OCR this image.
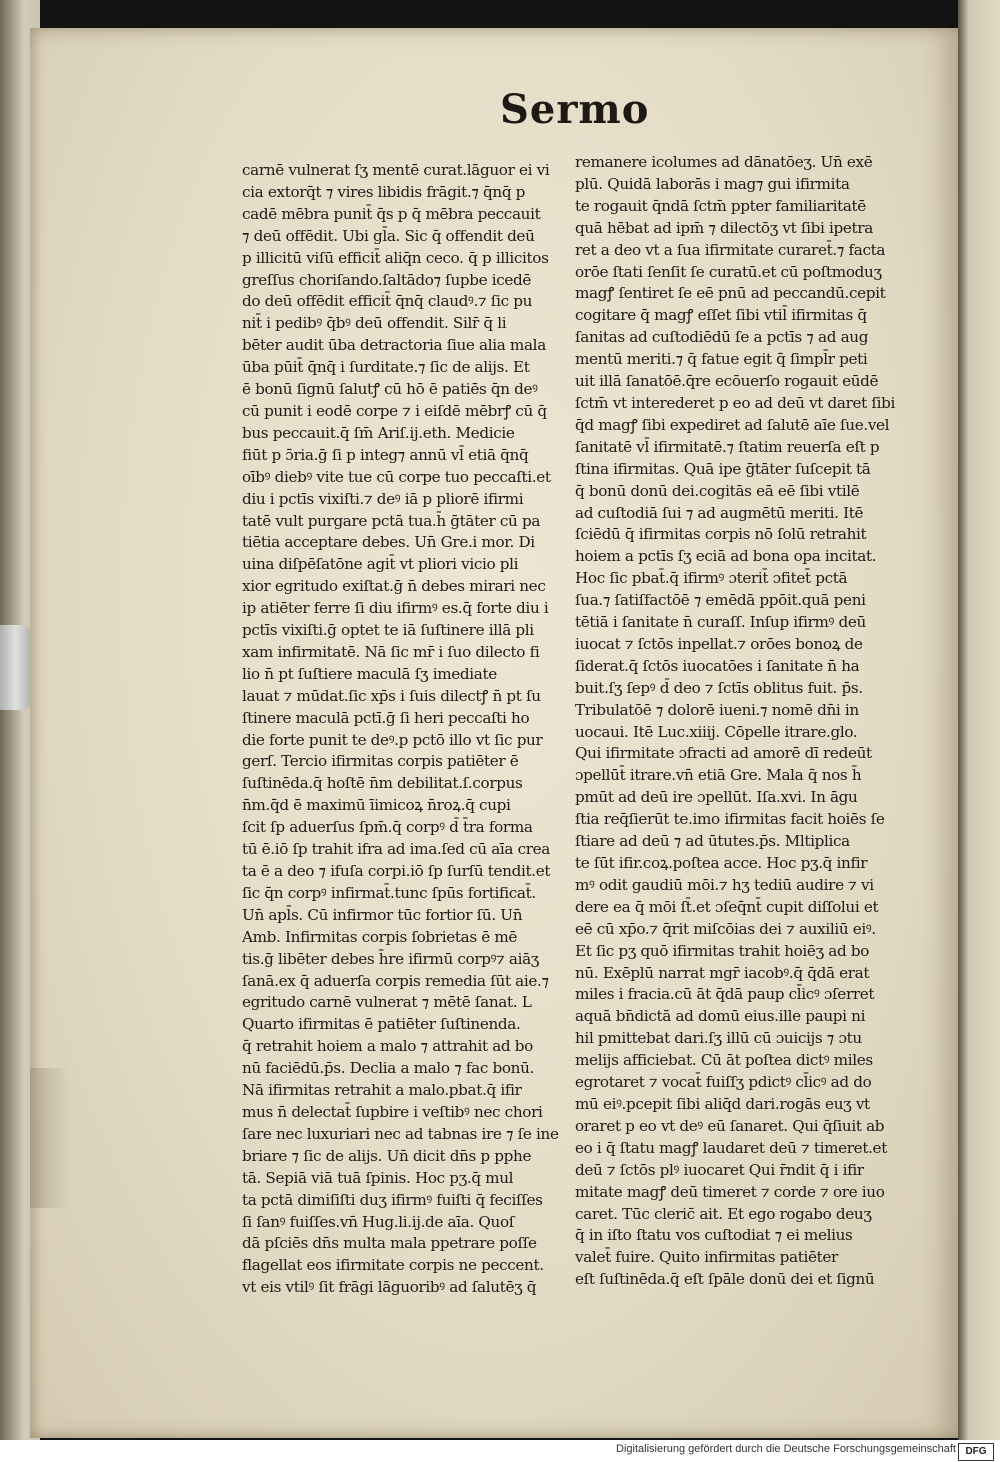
Sermo
carnē vulnerat ſʒ mentē curat.lāguor ei vi
cia extorq̄t ⁊ vires libidis frāgit.⁊ q̄nq̄ p
cadē mēbra punit̄ q̄s p q̄ mēbra peccauit
⁊ deū offēdit. Ubi gl̄a. Sic q̄ offendit deū
p illicitū viſū efficit̄ aliq̄n ceco. q̄ p illicitos
greſſus choriſando.ſaltādo⁊ ſupbe icedē
do deū offēdit efficit̄ q̄nq̄ claudꝰ.⁊ ſic pu
nit̄ i pedibꝰ q̄bꝰ deū offendit. Silr̄ q̄ li
bēter audit ūba detractoria ſiue alia mala
ūba pūit̄ q̄nq̄ i ſurditate.⁊ ſic de alijs. Et
ē bonū ſignū ſalutꝭ cū hō ē patiēs q̄n deꝰ
cū punit i eodē corpe ⁊ i eiſdē mēbrꝭ cū q̄
bus peccauit.q̄ ſm̄ Ariſ.ij.eth. Medicie
fiūt p ɔ̄ria.ḡ ſi p integ⁊ annū vl̄ etiā q̄nq̄
oībꝰ diebꝰ vite tue cū corpe tuo peccaſti.et
diu i pctīs vixiſti.⁊ deꝰ iā p pliorē ifirmi
tatē vult purgare pctā tua.h̄ ḡtāter cū pa
tiētia acceptare debes. Un̄ Gre.i mor. Di
uina diſpēſatōne agit̄ vt pliori vicio pli
xior egritudo exiſtat.ḡ n̄ debes mirari nec
ip atiēter ferre ſi diu ifirmꝰ es.q̄ forte diu i
pctīs vixiſti.ḡ optet te iā ſuſtinere illā pli
xam infirmitatē. Nā ſic mr̄ i ſuo dilecto fi
lio n̄ pt ſuſtiere maculā ſʒ imediate
lauat ⁊ mūdat.ſic xp̄s i ſuis dilectꝭ n̄ pt ſu
ſtinere maculā pctī.ḡ ſi heri peccaſti ho
die forte punit te deꝰ.p pctō illo vt ſic pur
gerſ. Tercio ifirmitas corpis patiēter ē
ſuſtinēda.q̄ hoſtē n̄m debilitat.ſ.corpus
n̄m.q̄d ē maximū īimicoꝝ n̄roꝝ.q̄ cupi
ſcit ſp aduerſus ſpm̄.q̄ corpꝰ d̄ t̄ra forma
tū ē.iō ſp trahit ifra ad ima.ſed cū aīa crea
ta ē a deo ⁊ ifuſa corpi.iō ſp ſurſū tendit.et
ſic q̄n corpꝰ infirmat̄.tunc ſpūs fortificat̄.
Un̄ apl̄s. Cū infirmor tūc fortior ſū. Un̄
Amb. Infirmitas corpis ſobrietas ē mē
tis.ḡ libēter debes h̄re ifirmū corpꝰ⁊ aiāʒ
ſanā.ex q̄ aduerſa corpis remedia ſūt aie.⁊
egritudo carnē vulnerat ⁊ mētē ſanat. L
Quarto ifirmitas ē patiēter ſuſtinenda.
q̄ retrahit hoiem a malo ⁊ attrahit ad bo
nū faciēdū.p̄s. Declia a malo ⁊ fac bonū.
Nā ifirmitas retrahit a malo.pbat.q̄ ifir
mus n̄ delectat̄ ſupbire i veſtibꝰ nec chori
ſare nec luxuriari nec ad tabnas ire ⁊ ſe ine
briare ⁊ ſic de alijs. Un̄ dicit dn̄s p pphe
tā. Sepiā viā tuā ſpinis. Hoc pʒ.q̄ mul
ta pctā dimiſiſti duʒ ifirmꝰ fuiſti q̄ feciſſes
ſi ſanꝰ fuiſſes.vn̄ Hug.li.ij.de aīa. Quoſ
dā pſciēs dn̄s multa mala ppetrare poſſe
flagellat eos ifirmitate corpis ne peccent.
vt eis vtilꝰ ſit frāgi lāguoribꝰ ad ſalutēʒ q̄
remanere icolumes ad dānatōeʒ. Un̄ exē
plū. Quidā laborās i mag⁊ gui ifirmita
te rogauit q̄ndā ſctm̄ ppter familiaritatē
quā hēbat ad ipm̄ ⁊ dilectōʒ vt ſibi ipetra
ret a deo vt a ſua ifirmitate curaret̄.⁊ facta
orōe ſtati ſenſit ſe curatū.et cū poſtmoduʒ
magꝭ ſentiret ſe eē pnū ad peccandū.cepit
cogitare q̄ magꝭ eſſet ſibi vtil̄ ifirmitas q̄
ſanitas ad cuſtodiēdū ſe a pctīs ⁊ ad aug
mentū meriti.⁊ q̄ fatue egit q̄ ſimpl̄r peti
uit illā ſanatōē.q̄re ecōuerſo rogauit eūdē
ſctm̄ vt interederet p eo ad deū vt daret ſibi
q̄d magꝭ ſibi expediret ad ſalutē aīe ſue.vel
ſanitatē vl̄ ifirmitatē.⁊ ſtatim reuerſa eſt p
ſtina ifirmitas. Quā ipe ḡtāter ſuſcepit tā
q̄ bonū donū dei.cogitās eā eē ſibi vtilē
ad cuſtodiā ſui ⁊ ad augmētū meriti. Itē
ſciēdū q̄ ifirmitas corpis nō ſolū retrahit
hoiem a pctīs ſʒ eciā ad bona opa incitat.
Hoc ſic pbat̄.q̄ ifirmꝰ ɔterit̄ ɔfitet̄ pctā
ſua.⁊ ſatiſfactōē ⁊ emēdā ppōit.quā peni
tētiā i ſanitate n̄ curaſſ. Inſup ifirmꝰ deū
iuocat ⁊ ſctōs inpellat.⁊ orōes bonoꝝ de
ſiderat.q̄ ſctōs iuocatōes i ſanitate n̄ ha
buit.ſʒ ſepꝰ d̄ deo ⁊ ſctīs oblitus fuit. p̄s.
Tribulatōē ⁊ dolorē iueni.⁊ nomē dn̄i in
uocaui. Itē Luc.xiiij. Cōpelle itrare.glo.
Qui ifirmitate ɔfracti ad amorē dī redeūt
ɔpellūt̄ itrare.vn̄ etiā Gre. Mala q̄ nos h̄
pmūt ad deū ire ɔpellūt. Iſa.xvi. In āgu
ſtia req̄ſierūt te.imo ifirmitas facit hoiēs ſe
ſtiare ad deū ⁊ ad ūtutes.p̄s. Mltiplica
te ſūt ifir.coꝝ.poſtea acce. Hoc pʒ.q̄ infir
mꝰ odit gaudiū mōi.⁊ hʒ tediū audire ⁊ vi
dere ea q̄ mōi ſt̄.et ɔſeq̄nt̄ cupit diſſolui et
eē cū xp̄o.⁊ q̄rit miſcōias dei ⁊ auxiliū eiꝰ.
Et ſic pʒ quō ifirmitas trahit hoiēʒ ad bo
nū. Exēplū narrat mgr̄ iacobꝰ.q̄ q̄dā erat
miles i fracia.cū āt q̄dā paup cl̄icꝰ ɔſerret
aquā bn̄dictā ad domū eius.ille paupi ni
hil pmittebat dari.ſʒ illū cū ɔuicijs ⁊ ɔtu
melijs afficiebat. Cū āt poſtea dictꝰ miles
egrotaret ⁊ vocat̄ fuiſſʒ pdictꝰ cl̄icꝰ ad do
mū eiꝰ.pcepit ſibi aliq̄d dari.rogās euʒ vt
oraret p eo vt deꝰ eū ſanaret. Qui q̄ſiuit ab
eo i q̄ ſtatu magꝭ laudaret deū ⁊ timeret.et
deū ⁊ ſctōs plꝰ iuocaret Qui r̄ndit q̄ i ifir
mitate magꝭ deū timeret ⁊ corde ⁊ ore iuo
caret. Tūc cleric̄ ait. Et ego rogabo deuʒ
q̄ in iſto ſtatu vos cuſtodiat ⁊ ei melius
valet̄ fuire. Quito infirmitas patiēter
eſt ſuſtinēda.q̄ eſt ſpāle donū dei et ſignū
Digitalisierung gefördert durch die Deutsche Forschungsgemeinschaft DFG
